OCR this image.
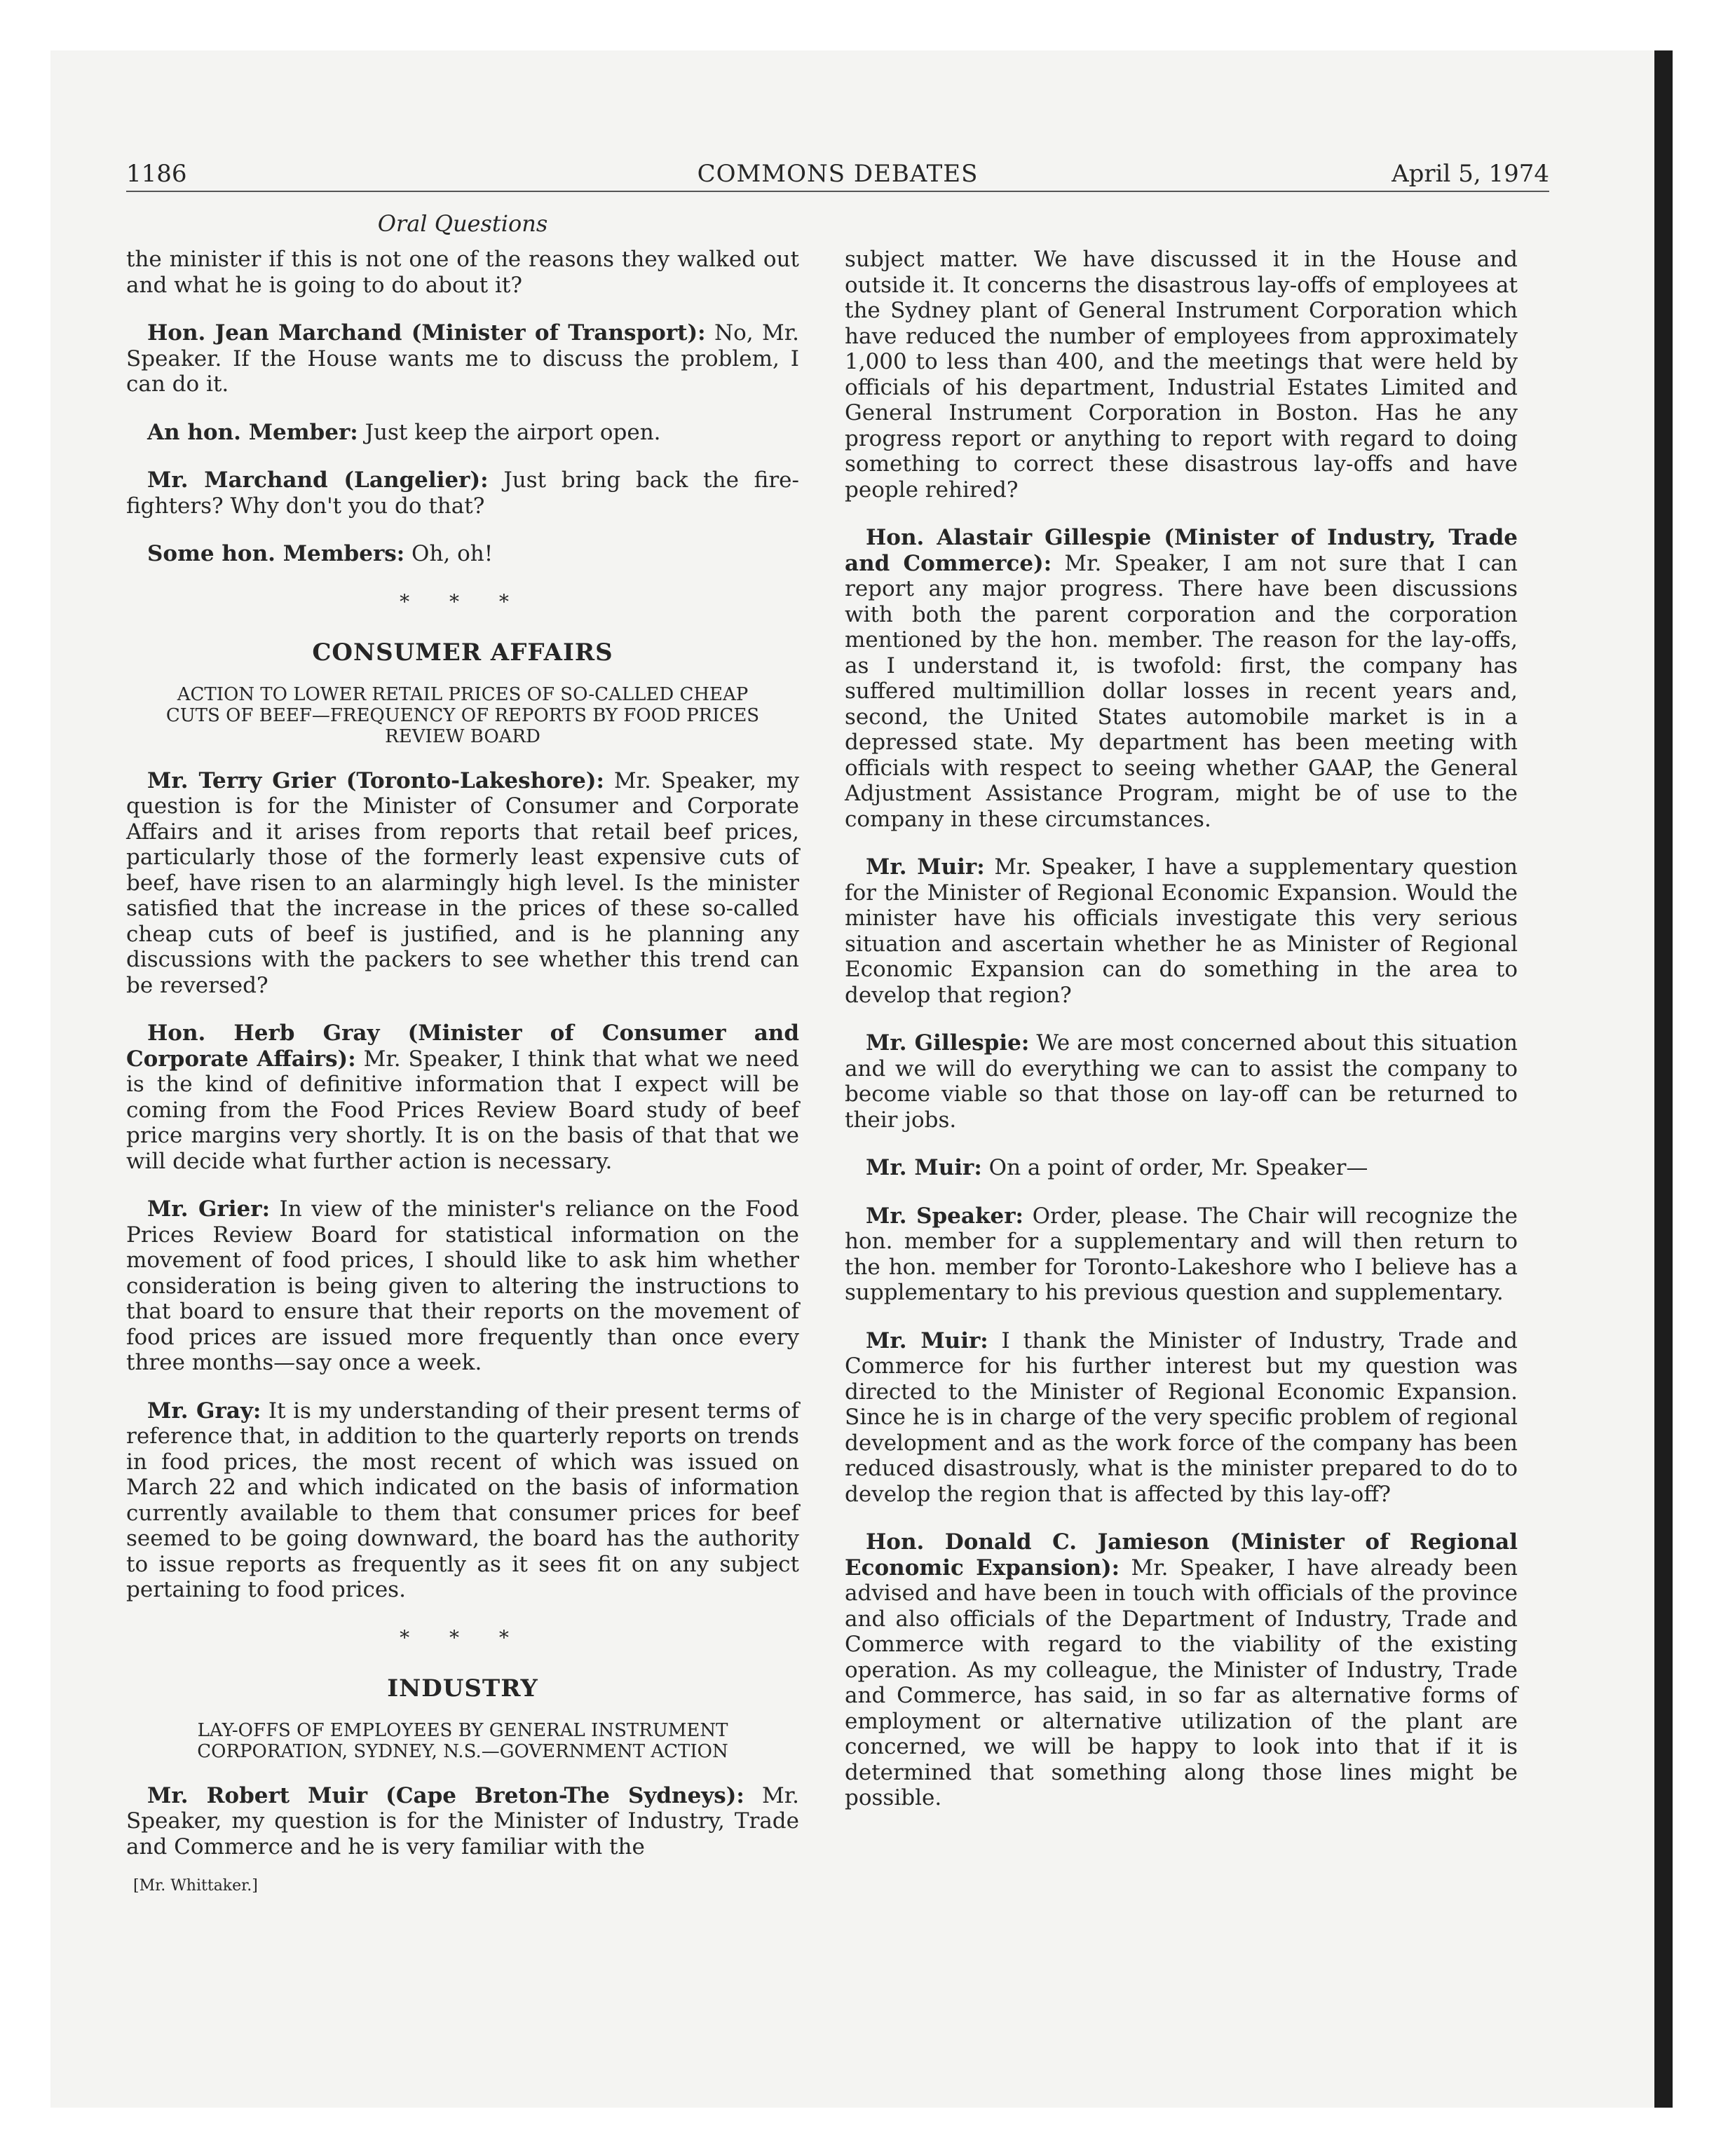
1186	COMMONS DEBATES	April 5, 1974
Oral Questions

the minister if this is not one of the reasons they walked out and what he is going to do about it?

Hon. Jean Marchand (Minister of Transport): No, Mr. Speaker. If the House wants me to discuss the problem, I can do it.

An hon. Member: Just keep the airport open.

Mr. Marchand (Langelier): Just bring back the fire-fighters? Why don't you do that?

Some hon. Members: Oh, oh!

* * *
CONSUMER AFFAIRS
ACTION TO LOWER RETAIL PRICES OF SO-CALLED CHEAP CUTS OF BEEF—FREQUENCY OF REPORTS BY FOOD PRICES REVIEW BOARD

Mr. Terry Grier (Toronto-Lakeshore): Mr. Speaker, my question is for the Minister of Consumer and Corporate Affairs and it arises from reports that retail beef prices, particularly those of the formerly least expensive cuts of beef, have risen to an alarmingly high level. Is the minister satisfied that the increase in the prices of these so-called cheap cuts of beef is justified, and is he planning any discussions with the packers to see whether this trend can be reversed?

Hon. Herb Gray (Minister of Consumer and Corporate Affairs): Mr. Speaker, I think that what we need is the kind of definitive information that I expect will be coming from the Food Prices Review Board study of beef price margins very shortly. It is on the basis of that that we will decide what further action is necessary.

Mr. Grier: In view of the minister's reliance on the Food Prices Review Board for statistical information on the movement of food prices, I should like to ask him whether consideration is being given to altering the instructions to that board to ensure that their reports on the movement of food prices are issued more frequently than once every three months—say once a week.

Mr. Gray: It is my understanding of their present terms of reference that, in addition to the quarterly reports on trends in food prices, the most recent of which was issued on March 22 and which indicated on the basis of information currently available to them that consumer prices for beef seemed to be going downward, the board has the authority to issue reports as frequently as it sees fit on any subject pertaining to food prices.

* * *
INDUSTRY
LAY-OFFS OF EMPLOYEES BY GENERAL INSTRUMENT CORPORATION, SYDNEY, N.S.—GOVERNMENT ACTION

Mr. Robert Muir (Cape Breton-The Sydneys): Mr. Speaker, my question is for the Minister of Industry, Trade and Commerce and he is very familiar with the

[Mr. Whittaker.]

subject matter. We have discussed it in the House and outside it. It concerns the disastrous lay-offs of employees at the Sydney plant of General Instrument Corporation which have reduced the number of employees from approximately 1,000 to less than 400, and the meetings that were held by officials of his department, Industrial Estates Limited and General Instrument Corporation in Boston. Has he any progress report or anything to report with regard to doing something to correct these disastrous lay-offs and have people rehired?

Hon. Alastair Gillespie (Minister of Industry, Trade and Commerce): Mr. Speaker, I am not sure that I can report any major progress. There have been discussions with both the parent corporation and the corporation mentioned by the hon. member. The reason for the lay-offs, as I understand it, is twofold: first, the company has suffered multimillion dollar losses in recent years and, second, the United States automobile market is in a depressed state. My department has been meeting with officials with respect to seeing whether GAAP, the General Adjustment Assistance Program, might be of use to the company in these circumstances.

Mr. Muir: Mr. Speaker, I have a supplementary question for the Minister of Regional Economic Expansion. Would the minister have his officials investigate this very serious situation and ascertain whether he as Minister of Regional Economic Expansion can do something in the area to develop that region?

Mr. Gillespie: We are most concerned about this situation and we will do everything we can to assist the company to become viable so that those on lay-off can be returned to their jobs.

Mr. Muir: On a point of order, Mr. Speaker—

Mr. Speaker: Order, please. The Chair will recognize the hon. member for a supplementary and will then return to the hon. member for Toronto-Lakeshore who I believe has a supplementary to his previous question and supplementary.

Mr. Muir: I thank the Minister of Industry, Trade and Commerce for his further interest but my question was directed to the Minister of Regional Economic Expansion. Since he is in charge of the very specific problem of regional development and as the work force of the company has been reduced disastrously, what is the minister prepared to do to develop the region that is affected by this lay-off?

Hon. Donald C. Jamieson (Minister of Regional Economic Expansion): Mr. Speaker, I have already been advised and have been in touch with officials of the province and also officials of the Department of Industry, Trade and Commerce with regard to the viability of the existing operation. As my colleague, the Minister of Industry, Trade and Commerce, has said, in so far as alternative forms of employment or alternative utilization of the plant are concerned, we will be happy to look into that if it is determined that something along those lines might be possible.
